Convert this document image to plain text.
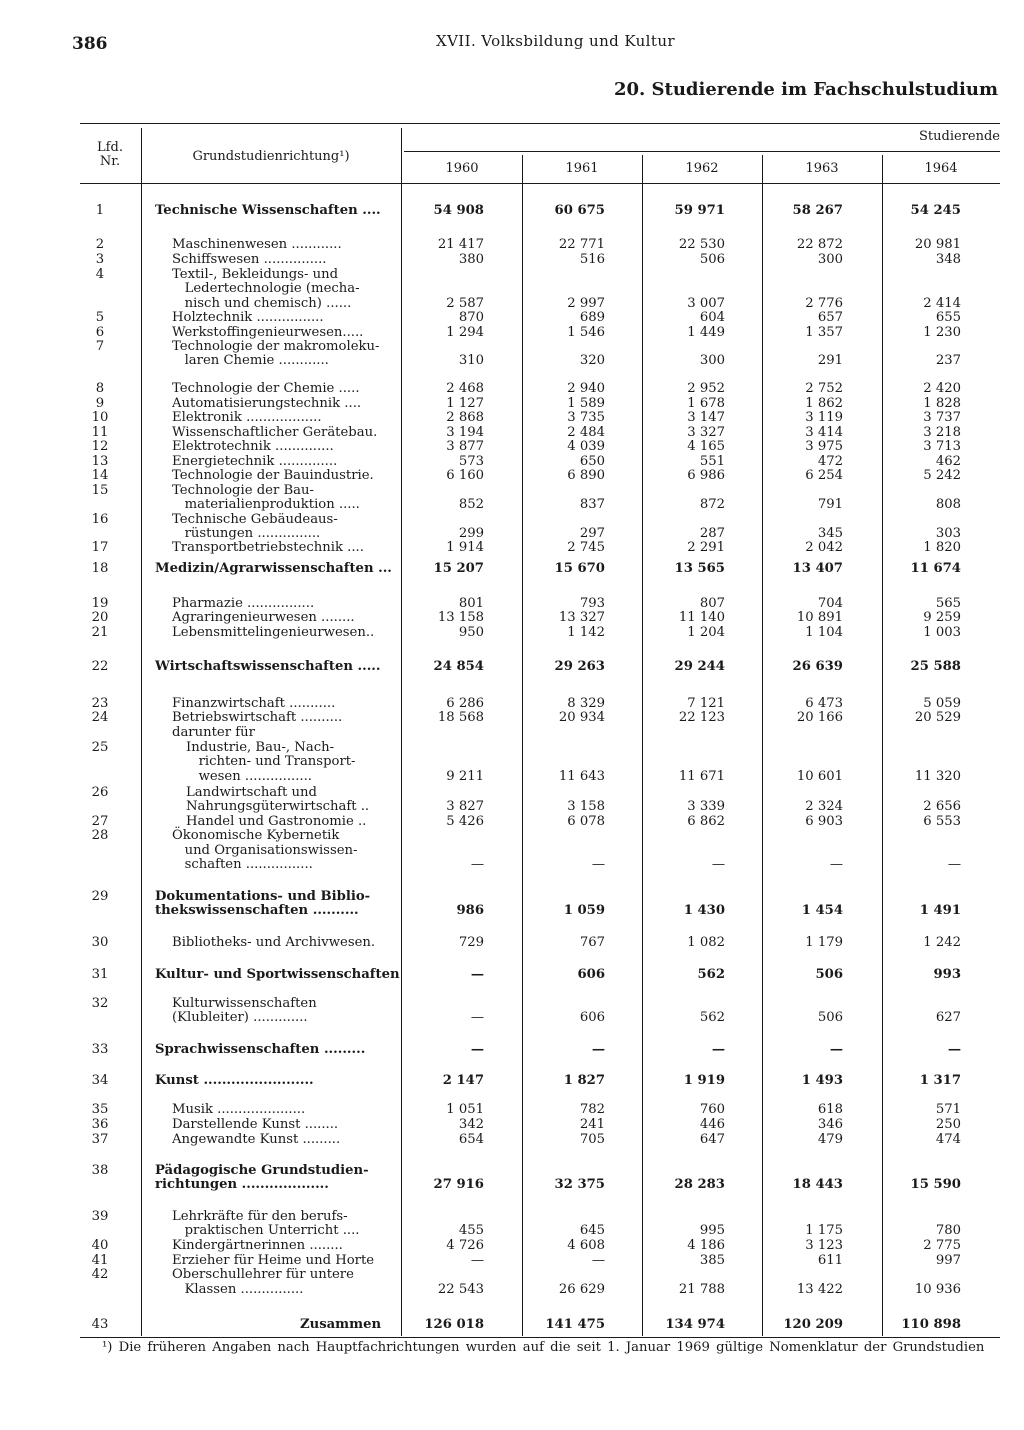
386	XVII. Volksbildung und Kultur
20. Studierende im Fachschulstudium
Lfd.
Nr.	Grundstudienrichtung¹)
Studierende
1960	1961	1962	1963	1964
1	Technische Wissenschaften ....	54 908	60 675	59 971	58 267	54 245
2	Maschinenwesen ............	21 417	22 771	22 530	22 872	20 981
3	Schiffswesen ...............	380	516	506	300	348
4	Textil-, Bekleidungs- und
Ledertechnologie (mecha-
nisch und chemisch) ......	2 587	2 997	3 007	2 776	2 414
5	Holztechnik ................	870	689	604	657	655
6	Werkstoffingenieurwesen.....	1 294	1 546	1 449	1 357	1 230
7	Technologie der makromoleku-
laren Chemie ............	310	320	300	291	237
8	Technologie der Chemie .....	2 468	2 940	2 952	2 752	2 420
9	Automatisierungstechnik ....	1 127	1 589	1 678	1 862	1 828
10	Elektronik ..................	2 868	3 735	3 147	3 119	3 737
11	Wissenschaftlicher Gerätebau.	3 194	2 484	3 327	3 414	3 218
12	Elektrotechnik ..............	3 877	4 039	4 165	3 975	3 713
13	Energietechnik ..............	573	650	551	472	462
14	Technologie der Bauindustrie.	6 160	6 890	6 986	6 254	5 242
15	Technologie der Bau-
materialienproduktion .....	852	837	872	791	808
16	Technische Gebäudeaus-
rüstungen ...............	299	297	287	345	303
17	Transportbetriebstechnik ....	1 914	2 745	2 291	2 042	1 820
18	Medizin/Agrarwissenschaften ...	15 207	15 670	13 565	13 407	11 674
19	Pharmazie ................	801	793	807	704	565
20	Agraringenieurwesen ........	13 158	13 327	11 140	10 891	9 259
21	Lebensmittelingenieurwesen..	950	1 142	1 204	1 104	1 003
22	Wirtschaftswissenschaften .....	24 854	29 263	29 244	26 639	25 588
23	Finanzwirtschaft ...........	6 286	8 329	7 121	6 473	5 059
24	Betriebswirtschaft ..........	18 568	20 934	22 123	20 166	20 529
darunter für
25	Industrie, Bau-, Nach-
richten- und Transport-
wesen ................	9 211	11 643	11 671	10 601	11 320
26	Landwirtschaft und
Nahrungsgüterwirtschaft ..	3 827	3 158	3 339	2 324	2 656
27	Handel und Gastronomie ..	5 426	6 078	6 862	6 903	6 553
28	Ökonomische Kybernetik
und Organisationswissen-
schaften ................	—	—	—	—	—
29	Dokumentations- und Biblio-
thekswissenschaften ..........	986	1 059	1 430	1 454	1 491
30	Bibliotheks- und Archivwesen.	729	767	1 082	1 179	1 242
31	Kultur- und Sportwissenschaften	—	606	562	506	993
32	Kulturwissenschaften
(Klubleiter) .............	—	606	562	506	627
33	Sprachwissenschaften .........	—	—	—	—	—
34	Kunst ........................	2 147	1 827	1 919	1 493	1 317
35	Musik .....................	1 051	782	760	618	571
36	Darstellende Kunst ........	342	241	446	346	250
37	Angewandte Kunst .........	654	705	647	479	474
38	Pädagogische Grundstudien-
richtungen ...................	27 916	32 375	28 283	18 443	15 590
39	Lehrkräfte für den berufs-
praktischen Unterricht ....	455	645	995	1 175	780
40	Kindergärtnerinnen ........	4 726	4 608	4 186	3 123	2 775
41	Erzieher für Heime und Horte	—	—	385	611	997
42	Oberschullehrer für untere
Klassen ...............	22 543	26 629	21 788	13 422	10 936
43	Zusammen	126 018	141 475	134 974	120 209	110 898
¹) Die früheren Angaben nach Hauptfachrichtungen wurden auf die seit 1. Januar 1969 gültige Nomenklatur der Grundstudien
